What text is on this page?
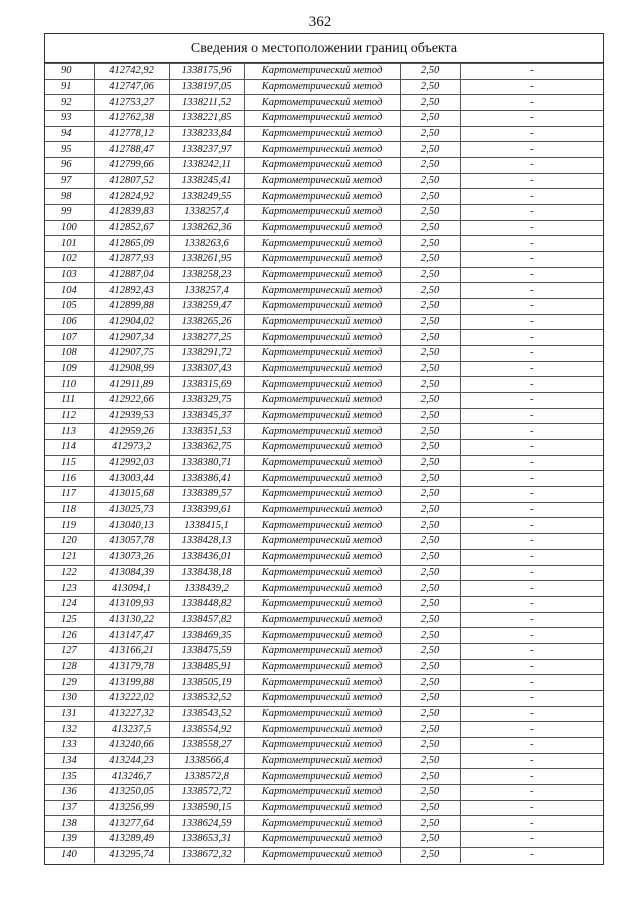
362
Сведения о местоположении границ объекта
90	412742,92	1338175,96	Картометрический метод	2,50	-
91	412747,06	1338197,05	Картометрический метод	2,50	-
92	412753,27	1338211,52	Картометрический метод	2,50	-
93	412762,38	1338221,85	Картометрический метод	2,50	-
94	412778,12	1338233,84	Картометрический метод	2,50	-
95	412788,47	1338237,97	Картометрический метод	2,50	-
96	412799,66	1338242,11	Картометрический метод	2,50	-
97	412807,52	1338245,41	Картометрический метод	2,50	-
98	412824,92	1338249,55	Картометрический метод	2,50	-
99	412839,83	1338257,4	Картометрический метод	2,50	-
100	412852,67	1338262,36	Картометрический метод	2,50	-
101	412865,09	1338263,6	Картометрический метод	2,50	-
102	412877,93	1338261,95	Картометрический метод	2,50	-
103	412887,04	1338258,23	Картометрический метод	2,50	-
104	412892,43	1338257,4	Картометрический метод	2,50	-
105	412899,88	1338259,47	Картометрический метод	2,50	-
106	412904,02	1338265,26	Картометрический метод	2,50	-
107	412907,34	1338277,25	Картометрический метод	2,50	-
108	412907,75	1338291,72	Картометрический метод	2,50	-
109	412908,99	1338307,43	Картометрический метод	2,50	-
110	412911,89	1338315,69	Картометрический метод	2,50	-
111	412922,66	1338329,75	Картометрический метод	2,50	-
112	412939,53	1338345,37	Картометрический метод	2,50	-
113	412959,26	1338351,53	Картометрический метод	2,50	-
114	412973,2	1338362,75	Картометрический метод	2,50	-
115	412992,03	1338380,71	Картометрический метод	2,50	-
116	413003,44	1338386,41	Картометрический метод	2,50	-
117	413015,68	1338389,57	Картометрический метод	2,50	-
118	413025,73	1338399,61	Картометрический метод	2,50	-
119	413040,13	1338415,1	Картометрический метод	2,50	-
120	413057,78	1338428,13	Картометрический метод	2,50	-
121	413073,26	1338436,01	Картометрический метод	2,50	-
122	413084,39	1338438,18	Картометрический метод	2,50	-
123	413094,1	1338439,2	Картометрический метод	2,50	-
124	413109,93	1338448,82	Картометрический метод	2,50	-
125	413130,22	1338457,82	Картометрический метод	2,50	-
126	413147,47	1338469,35	Картометрический метод	2,50	-
127	413166,21	1338475,59	Картометрический метод	2,50	-
128	413179,78	1338485,91	Картометрический метод	2,50	-
129	413199,88	1338505,19	Картометрический метод	2,50	-
130	413222,02	1338532,52	Картометрический метод	2,50	-
131	413227,32	1338543,52	Картометрический метод	2,50	-
132	413237,5	1338554,92	Картометрический метод	2,50	-
133	413240,66	1338558,27	Картометрический метод	2,50	-
134	413244,23	1338566,4	Картометрический метод	2,50	-
135	413246,7	1338572,8	Картометрический метод	2,50	-
136	413250,05	1338572,72	Картометрический метод	2,50	-
137	413256,99	1338590,15	Картометрический метод	2,50	-
138	413277,64	1338624,59	Картометрический метод	2,50	-
139	413289,49	1338653,31	Картометрический метод	2,50	-
140	413295,74	1338672,32	Картометрический метод	2,50	-
